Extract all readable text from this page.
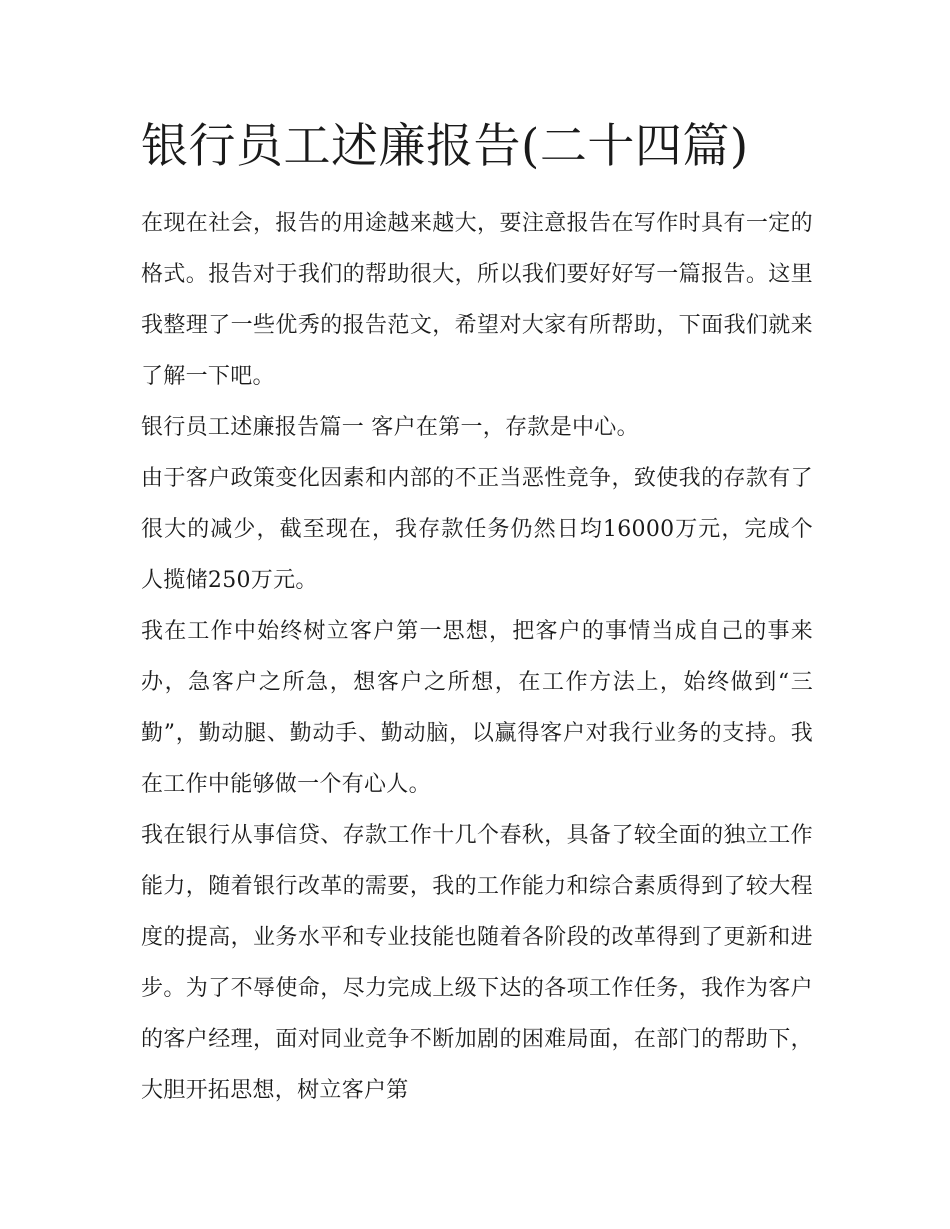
银行员工述廉报告(二十四篇)

在现在社会，报告的用途越来越大，要注意报告在写作时具有一定的格式。报告对于我们的帮助很大，所以我们要好好写一篇报告。这里我整理了一些优秀的报告范文，希望对大家有所帮助，下面我们就来了解一下吧。

银行员工述廉报告篇一 客户在第一，存款是中心。

由于客户政策变化因素和内部的不正当恶性竞争，致使我的存款有了很大的减少，截至现在，我存款任务仍然日均16000万元，完成个人揽储250万元。

我在工作中始终树立客户第一思想，把客户的事情当成自己的事来办，急客户之所急，想客户之所想，在工作方法上，始终做到“三勤”，勤动腿、勤动手、勤动脑，以赢得客户对我行业务的支持。我在工作中能够做一个有心人。

我在银行从事信贷、存款工作十几个春秋，具备了较全面的独立工作能力，随着银行改革的需要，我的工作能力和综合素质得到了较大程度的提高，业务水平和专业技能也随着各阶段的改革得到了更新和进步。为了不辱使命，尽力完成上级下达的各项工作任务，我作为客户的客户经理，面对同业竞争不断加剧的困难局面，在部门的帮助下，大胆开拓思想，树立客户第
